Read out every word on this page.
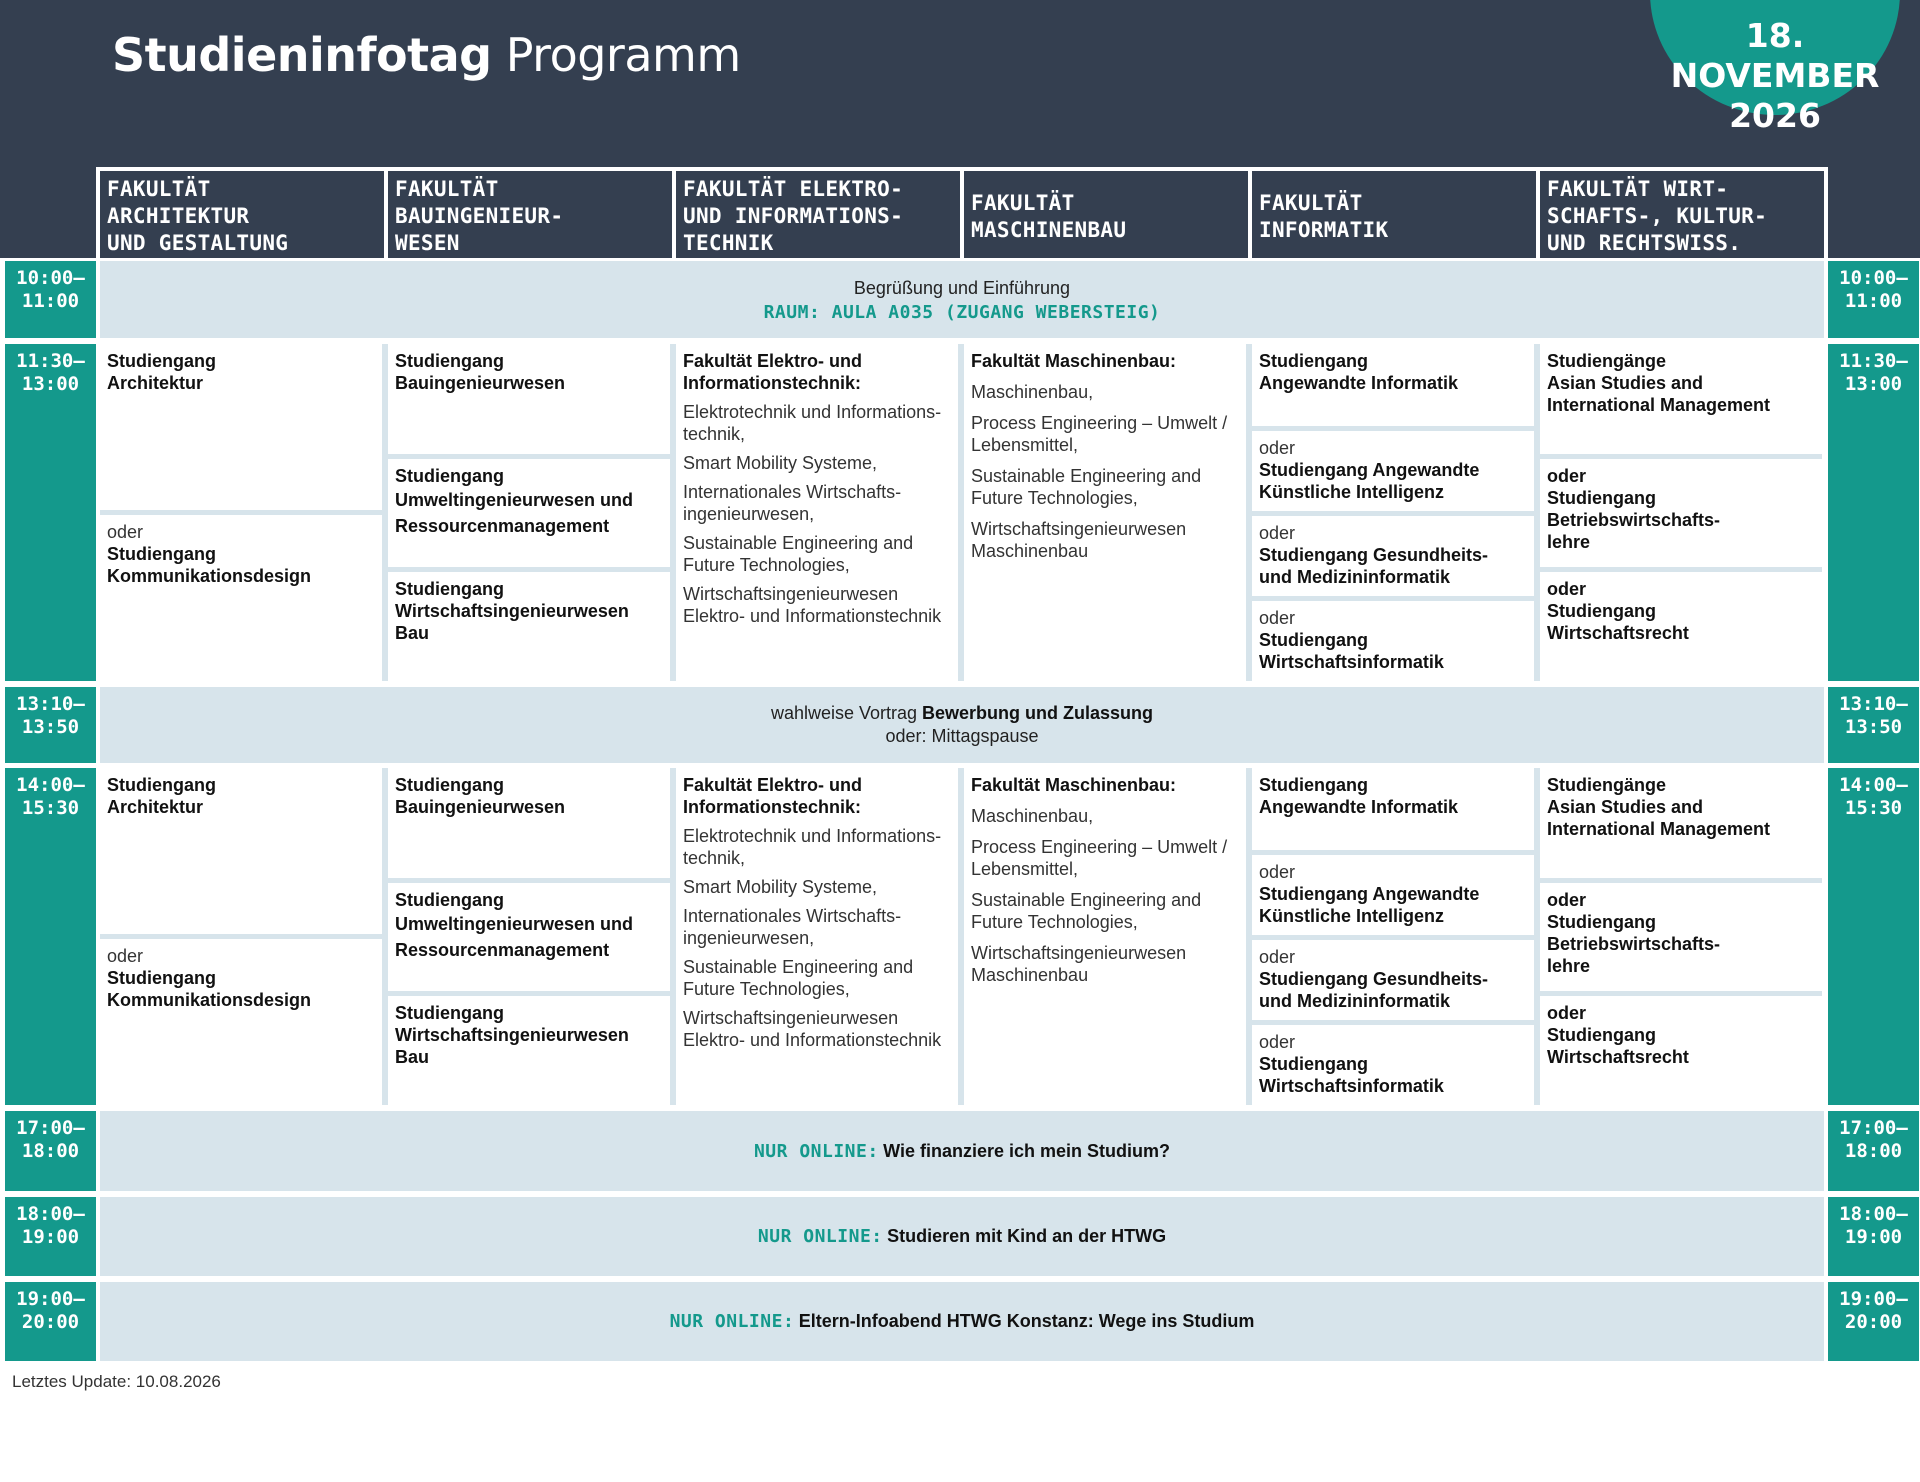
Studieninfotag Programm	18. NOVEMBER
2026
Begrüßung und Einführung
RAUM: AULA A035 (ZUGANG WEBERSTEIG)
wahlweise Vortrag Bewerbung und Zulassung
oder: Mittagspause
NUR ONLINE: Wie finanziere ich mein Studium?
NUR ONLINE: Studieren mit Kind an der HTWG
NUR ONLINE: Eltern-Infoabend HTWG Konstanz: Wege ins Studium
Letztes Update: 10.08.2026
FAKULTÄT
ARCHITEKTUR
UND GESTALTUNG
FAKULTÄT
BAUINGENIEUR-
WESEN
FAKULTÄT ELEKTRO-
UND INFORMATIONS-
TECHNIK
FAKULTÄT
MASCHINENBAU
FAKULTÄT
INFORMATIK
FAKULTÄT WIRT-
SCHAFTS-, KULTUR-
UND RECHTSWISS.
10:00–
11:00
10:00–
11:00
11:30–
13:00
11:30–
13:00
13:10–
13:50
13:10–
13:50
14:00–
15:30
14:00–
15:30
17:00–
18:00
17:00–
18:00
18:00–
19:00
18:00–
19:00
19:00–
20:00
19:00–
20:00
Studiengang
Architektur
oder
Studiengang
Kommunikationsdesign
Studiengang
Bauingenieurwesen
Studiengang
Umweltingenieurwesen und
Ressourcenmanagement
Studiengang
Wirtschaftsingenieurwesen
Bau
Fakultät Elektro- und
Informationstechnik:
Elektrotechnik und Informations-
technik,
Smart Mobility Systeme,
Internationales Wirtschafts-
ingenieurwesen,
Sustainable Engineering and
Future Technologies,
Wirtschaftsingenieurwesen
Elektro- und Informationstechnik
Fakultät Maschinenbau:
Maschinenbau,
Process Engineering – Umwelt /
Lebensmittel,
Sustainable Engineering and
Future Technologies,
Wirtschaftsingenieurwesen
Maschinenbau
Studiengang
Angewandte Informatik
oder
Studiengang Angewandte
Künstliche Intelligenz
oder
Studiengang Gesundheits-
und Medizininformatik
oder
Studiengang
Wirtschaftsinformatik
Studiengänge
Asian Studies and
International Management
oder
Studiengang
Betriebswirtschafts-
lehre
oder
Studiengang
Wirtschaftsrecht
Studiengang
Architektur
oder
Studiengang
Kommunikationsdesign
Studiengang
Bauingenieurwesen
Studiengang
Umweltingenieurwesen und
Ressourcenmanagement
Studiengang
Wirtschaftsingenieurwesen
Bau
Fakultät Elektro- und
Informationstechnik:
Elektrotechnik und Informations-
technik,
Smart Mobility Systeme,
Internationales Wirtschafts-
ingenieurwesen,
Sustainable Engineering and
Future Technologies,
Wirtschaftsingenieurwesen
Elektro- und Informationstechnik
Fakultät Maschinenbau:
Maschinenbau,
Process Engineering – Umwelt /
Lebensmittel,
Sustainable Engineering and
Future Technologies,
Wirtschaftsingenieurwesen
Maschinenbau
Studiengang
Angewandte Informatik
oder
Studiengang Angewandte
Künstliche Intelligenz
oder
Studiengang Gesundheits-
und Medizininformatik
oder
Studiengang
Wirtschaftsinformatik
Studiengänge
Asian Studies and
International Management
oder
Studiengang
Betriebswirtschafts-
lehre
oder
Studiengang
Wirtschaftsrecht
